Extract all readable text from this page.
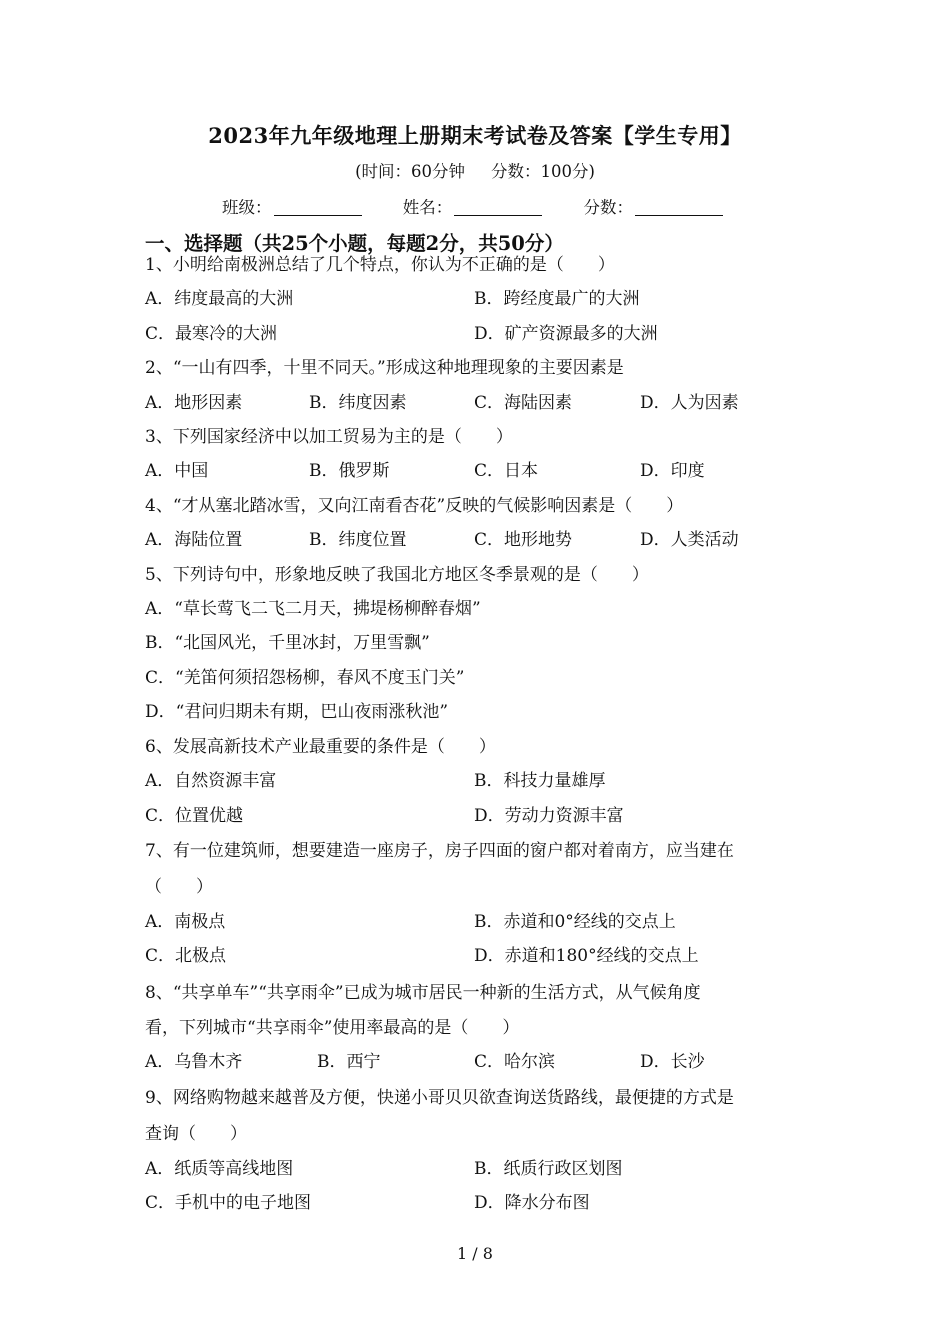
2023年九年级地理上册期末考试卷及答案【学生专用】
(时间：60分钟 分数：100分)
班级：	姓名：	分数：
一、选择题（共25个小题，每题2分，共50分）
1、小明给南极洲总结了几个特点，你认为不正确的是（　　）
A．纬度最高的大洲	B．跨经度最广的大洲
C．最寒冷的大洲	D．矿产资源最多的大洲
2、“一山有四季，十里不同天。”形成这种地理现象的主要因素是
A．地形因素	B．纬度因素	C．海陆因素	D．人为因素
3、下列国家经济中以加工贸易为主的是（　　）
A．中国	B．俄罗斯	C．日本	D．印度
4、“才从塞北踏冰雪，又向江南看杏花”反映的气候影响因素是（　　）
A．海陆位置	B．纬度位置	C．地形地势	D．人类活动
5、下列诗句中，形象地反映了我国北方地区冬季景观的是（　　）
A．“草长莺飞二飞二月天，拂堤杨柳醉春烟”
B．“北国风光，千里冰封，万里雪飘”
C．“羌笛何须招怨杨柳，春风不度玉门关”
D．“君问归期未有期，巴山夜雨涨秋池”
6、发展高新技术产业最重要的条件是（　　）
A．自然资源丰富	B．科技力量雄厚
C．位置优越	D．劳动力资源丰富
7、有一位建筑师，想要建造一座房子，房子四面的窗户都对着南方，应当建在
（　　）
A．南极点	B．赤道和0°经线的交点上
C．北极点	D．赤道和180°经线的交点上
8、“共享单车”“共享雨伞”已成为城市居民一种新的生活方式，从气候角度
看，下列城市“共享雨伞”使用率最高的是（　　）
A．乌鲁木齐	B．西宁	C．哈尔滨	D．长沙
9、网络购物越来越普及方便，快递小哥贝贝欲查询送货路线，最便捷的方式是
查询（　　）
A．纸质等高线地图	B．纸质行政区划图
C．手机中的电子地图	D．降水分布图
1 / 8
